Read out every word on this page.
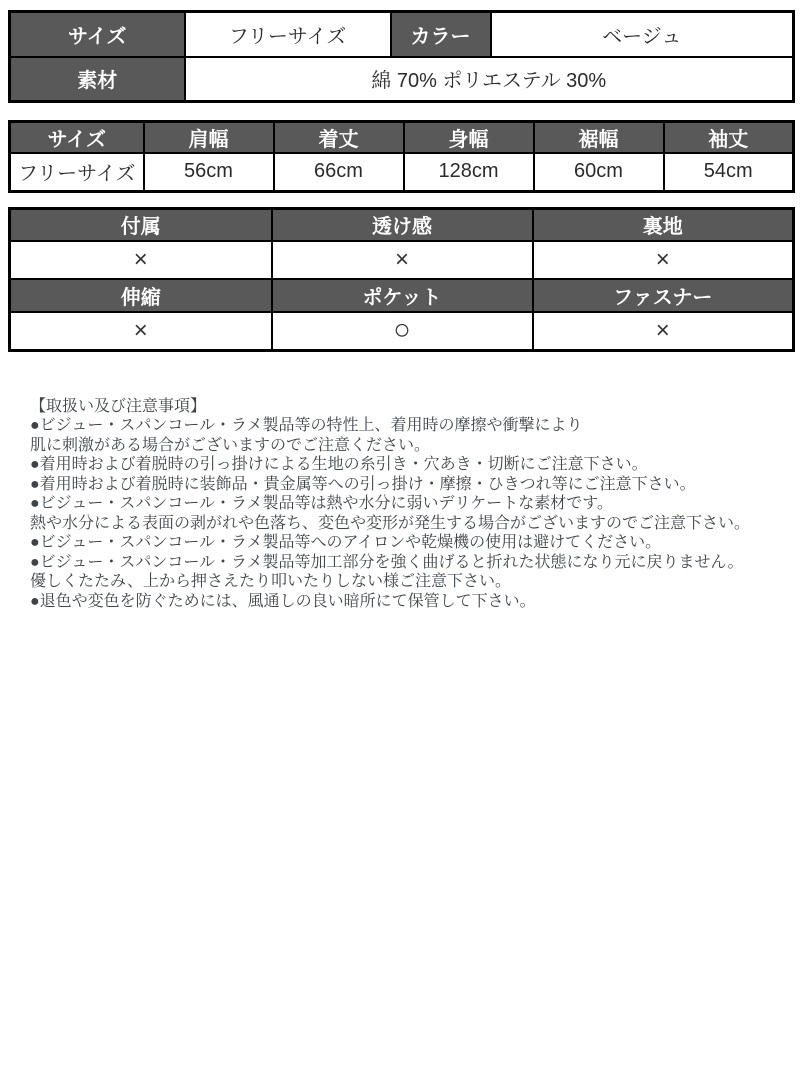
サイズ	フリーサイズ	カラー	ベージュ
素材	綿 70% ポリエステル 30%		
サイズ	肩幅	着丈	身幅	裾幅	袖丈
フリーサイズ	56cm	66cm	128cm	60cm	54cm
付属	透け感	裏地
×	×	×
伸縮	ポケット	ファスナー
×	○	×
【取扱い及び注意事項】
●ビジュー・スパンコール・ラメ製品等の特性上、着用時の摩擦や衝撃により
肌に刺激がある場合がございますのでご注意ください。
●着用時および着脱時の引っ掛けによる生地の糸引き・穴あき・切断にご注意下さい。
●着用時および着脱時に装飾品・貴金属等への引っ掛け・摩擦・ひきつれ等にご注意下さい。
●ビジュー・スパンコール・ラメ製品等は熱や水分に弱いデリケートな素材です。
熱や水分による表面の剥がれや色落ち、変色や変形が発生する場合がございますのでご注意下さい。
●ビジュー・スパンコール・ラメ製品等へのアイロンや乾燥機の使用は避けてください。
●ビジュー・スパンコール・ラメ製品等加工部分を強く曲げると折れた状態になり元に戻りません。
優しくたたみ、上から押さえたり叩いたりしない様ご注意下さい。
●退色や変色を防ぐためには、風通しの良い暗所にて保管して下さい。
